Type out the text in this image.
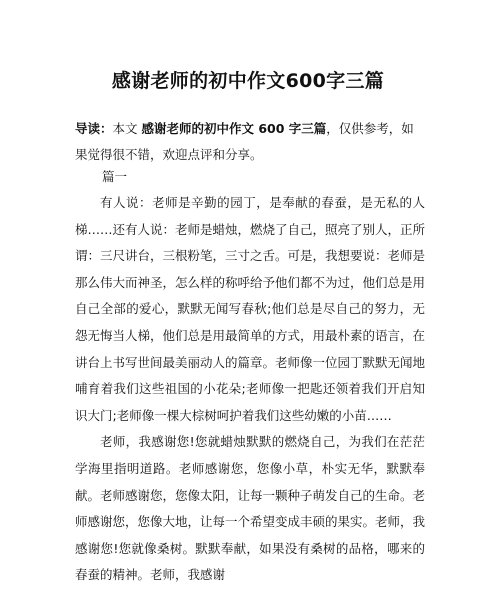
感谢老师的初中作文600字三篇
导读：本文 感谢老师的初中作文 600 字三篇，仅供参考，如果觉得很不错，欢迎点评和分享。
篇一

有人说：老师是辛勤的园丁，是奉献的春蚕，是无私的人梯……还有人说：老师是蜡烛，燃烧了自己，照亮了别人，正所谓：三尺讲台，三根粉笔，三寸之舌。可是，我想要说：老师是那么伟大而神圣，怎么样的称呼给予他们都不为过，他们总是用自己全部的爱心，默默无闻写春秋;他们总是尽自己的努力，无怨无悔当人梯，他们总是用最简单的方式，用最朴素的语言，在讲台上书写世间最美丽动人的篇章。老师像一位园丁默默无闻地哺育着我们这些祖国的小花朵;老师像一把匙还领着我们开启知识大门;老师像一棵大棕树呵护着我们这些幼嫩的小苗……

老师，我感谢您!您就蜡烛默默的燃烧自己，为我们在茫茫学海里指明道路。老师感谢您，您像小草，朴实无华，默默奉献。老师感谢您，您像太阳，让每一颗种子萌发自己的生命。老师感谢您，您像大地，让每一个希望变成丰硕的果实。老师，我感谢您!您就像桑树。默默奉献，如果没有桑树的品格，哪来的春蚕的精神。老师，我感谢
